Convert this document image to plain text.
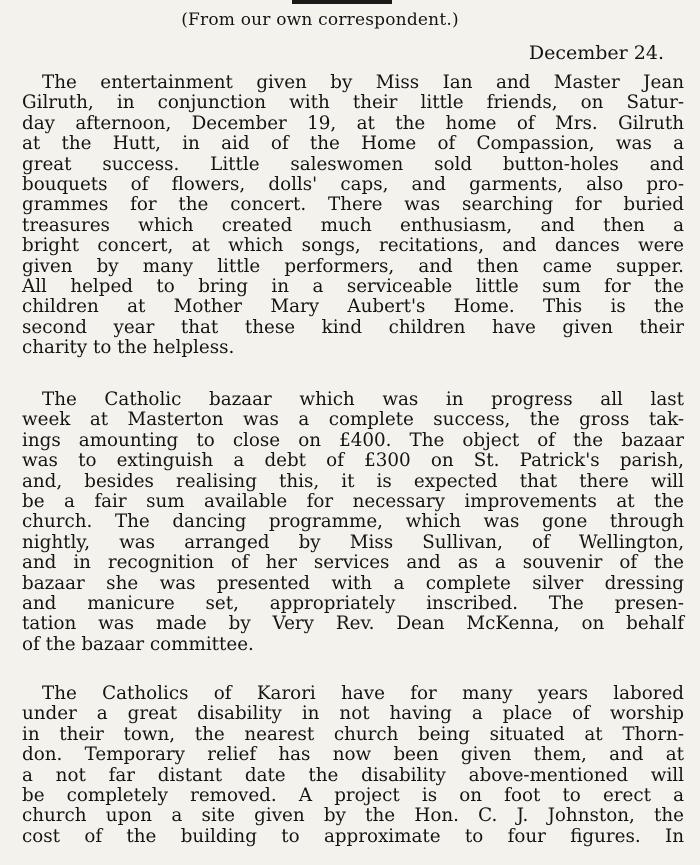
(From our own correspondent.)
December 24.
The entertainment given by Miss Ian and Master Jean
Gilruth, in conjunction with their little friends, on Satur-
day afternoon, December 19, at the home of Mrs. Gilruth
at the Hutt, in aid of the Home of Compassion, was a
great success. Little saleswomen sold button-holes and
bouquets of flowers, dolls' caps, and garments, also pro-
grammes for the concert. There was searching for buried
treasures which created much enthusiasm, and then a
bright concert, at which songs, recitations, and dances were
given by many little performers, and then came supper.
All helped to bring in a serviceable little sum for the
children at Mother Mary Aubert's Home. This is the
second year that these kind children have given their
charity to the helpless.
The Catholic bazaar which was in progress all last
week at Masterton was a complete success, the gross tak-
ings amounting to close on £400. The object of the bazaar
was to extinguish a debt of £300 on St. Patrick's parish,
and, besides realising this, it is expected that there will
be a fair sum available for necessary improvements at the
church. The dancing programme, which was gone through
nightly, was arranged by Miss Sullivan, of Wellington,
and in recognition of her services and as a souvenir of the
bazaar she was presented with a complete silver dressing
and manicure set, appropriately inscribed. The presen-
tation was made by Very Rev. Dean McKenna, on behalf
of the bazaar committee.
The Catholics of Karori have for many years labored
under a great disability in not having a place of worship
in their town, the nearest church being situated at Thorn-
don. Temporary relief has now been given them, and at
a not far distant date the disability above-mentioned will
be completely removed. A project is on foot to erect a
church upon a site given by the Hon. C. J. Johnston, the
cost of the building to approximate to four figures. In
